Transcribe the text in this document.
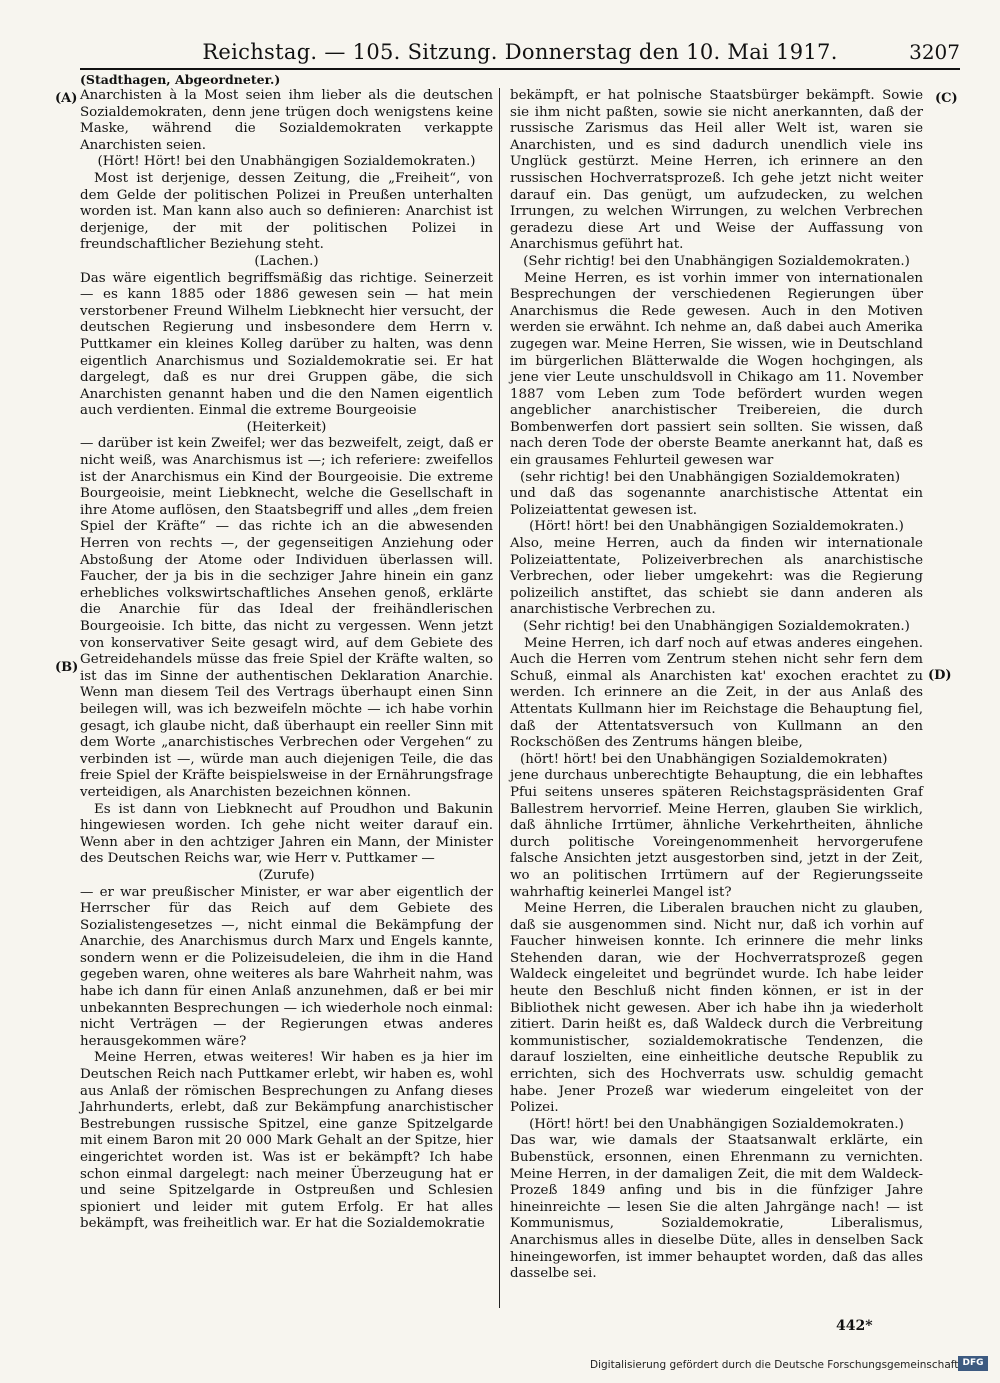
Reichstag. — 105. Sitzung. Donnerstag den 10. Mai 1917.	3207
(Stadthagen, Abgeordneter.)
(A)
(B)
(C)
(D)

Anarchisten à la Most seien ihm lieber als die deutschen Sozialdemokraten, denn jene trügen doch wenigstens keine Maske, während die Sozialdemokraten verkappte Anarchisten seien.

(Hört! Hört! bei den Unabhängigen Sozialdemokraten.)

Most ist derjenige, dessen Zeitung, die „Freiheit“, von dem Gelde der politischen Polizei in Preußen unterhalten worden ist. Man kann also auch so definieren: Anarchist ist derjenige, der mit der politischen Polizei in freundschaftlicher Beziehung steht.

(Lachen.)

Das wäre eigentlich begriffsmäßig das richtige. Seinerzeit — es kann 1885 oder 1886 gewesen sein — hat mein verstorbener Freund Wilhelm Liebknecht hier versucht, der deutschen Regierung und insbesondere dem Herrn v. Puttkamer ein kleines Kolleg darüber zu halten, was denn eigentlich Anarchismus und Sozialdemokratie sei. Er hat dargelegt, daß es nur drei Gruppen gäbe, die sich Anarchisten genannt haben und die den Namen eigentlich auch verdienten. Einmal die extreme Bourgeoisie

(Heiterkeit)

— darüber ist kein Zweifel; wer das bezweifelt, zeigt, daß er nicht weiß, was Anarchismus ist —; ich referiere: zweifellos ist der Anarchismus ein Kind der Bourgeoisie. Die extreme Bourgeoisie, meint Liebknecht, welche die Gesellschaft in ihre Atome auflösen, den Staatsbegriff und alles „dem freien Spiel der Kräfte“ — das richte ich an die abwesenden Herren von rechts —, der gegenseitigen Anziehung oder Abstoßung der Atome oder Individuen überlassen will. Faucher, der ja bis in die sechziger Jahre hinein ein ganz erhebliches volkswirtschaftliches Ansehen genoß, erklärte die Anarchie für das Ideal der freihändlerischen Bourgeoisie. Ich bitte, das nicht zu vergessen. Wenn jetzt von konservativer Seite gesagt wird, auf dem Gebiete des Getreidehandels müsse das freie Spiel der Kräfte walten, so ist das im Sinne der authentischen Deklaration Anarchie. Wenn man diesem Teil des Vertrags überhaupt einen Sinn beilegen will, was ich bezweifeln möchte — ich habe vorhin gesagt, ich glaube nicht, daß überhaupt ein reeller Sinn mit dem Worte „anarchistisches Verbrechen oder Vergehen“ zu verbinden ist —, würde man auch diejenigen Teile, die das freie Spiel der Kräfte beispielsweise in der Ernährungsfrage verteidigen, als Anarchisten bezeichnen können.

Es ist dann von Liebknecht auf Proudhon und Bakunin hingewiesen worden. Ich gehe nicht weiter darauf ein. Wenn aber in den achtziger Jahren ein Mann, der Minister des Deutschen Reichs war, wie Herr v. Puttkamer —

(Zurufe)

— er war preußischer Minister, er war aber eigentlich der Herrscher für das Reich auf dem Gebiete des Sozialistengesetzes —, nicht einmal die Bekämpfung der Anarchie, des Anarchismus durch Marx und Engels kannte, sondern wenn er die Polizeisudeleien, die ihm in die Hand gegeben waren, ohne weiteres als bare Wahrheit nahm, was habe ich dann für einen Anlaß anzunehmen, daß er bei mir unbekannten Besprechungen — ich wiederhole noch einmal: nicht Verträgen — der Regierungen etwas anderes herausgekommen wäre?

Meine Herren, etwas weiteres! Wir haben es ja hier im Deutschen Reich nach Puttkamer erlebt, wir haben es, wohl aus Anlaß der römischen Besprechungen zu Anfang dieses Jahrhunderts, erlebt, daß zur Bekämpfung anarchistischer Bestrebungen russische Spitzel, eine ganze Spitzelgarde mit einem Baron mit 20 000 Mark Gehalt an der Spitze, hier eingerichtet worden ist. Was ist er bekämpft? Ich habe schon einmal dargelegt: nach meiner Überzeugung hat er und seine Spitzelgarde in Ostpreußen und Schlesien spioniert und leider mit gutem Erfolg. Er hat alles bekämpft, was freiheitlich war. Er hat die Sozialdemokratie

bekämpft, er hat polnische Staatsbürger bekämpft. Sowie sie ihm nicht paßten, sowie sie nicht anerkannten, daß der russische Zarismus das Heil aller Welt ist, waren sie Anarchisten, und es sind dadurch unendlich viele ins Unglück gestürzt. Meine Herren, ich erinnere an den russischen Hochverratsprozeß. Ich gehe jetzt nicht weiter darauf ein. Das genügt, um aufzudecken, zu welchen Irrungen, zu welchen Wirrungen, zu welchen Verbrechen geradezu diese Art und Weise der Auffassung von Anarchismus geführt hat.

(Sehr richtig! bei den Unabhängigen Sozialdemokraten.)

Meine Herren, es ist vorhin immer von internationalen Besprechungen der verschiedenen Regierungen über Anarchismus die Rede gewesen. Auch in den Motiven werden sie erwähnt. Ich nehme an, daß dabei auch Amerika zugegen war. Meine Herren, Sie wissen, wie in Deutschland im bürgerlichen Blätterwalde die Wogen hochgingen, als jene vier Leute unschuldsvoll in Chikago am 11. November 1887 vom Leben zum Tode befördert wurden wegen angeblicher anarchistischer Treibereien, die durch Bombenwerfen dort passiert sein sollten. Sie wissen, daß nach deren Tode der oberste Beamte anerkannt hat, daß es ein grausames Fehlurteil gewesen war

(sehr richtig! bei den Unabhängigen Sozialdemokraten)

und daß das sogenannte anarchistische Attentat ein Polizeiattentat gewesen ist.

(Hört! hört! bei den Unabhängigen Sozialdemokraten.)

Also, meine Herren, auch da finden wir internationale Polizeiattentate, Polizeiverbrechen als anarchistische Verbrechen, oder lieber umgekehrt: was die Regierung polizeilich anstiftet, das schiebt sie dann anderen als anarchistische Verbrechen zu.

(Sehr richtig! bei den Unabhängigen Sozialdemokraten.)

Meine Herren, ich darf noch auf etwas anderes eingehen. Auch die Herren vom Zentrum stehen nicht sehr fern dem Schuß, einmal als Anarchisten kat' exochen erachtet zu werden. Ich erinnere an die Zeit, in der aus Anlaß des Attentats Kullmann hier im Reichstage die Behauptung fiel, daß der Attentatsversuch von Kullmann an den Rockschößen des Zentrums hängen bleibe,

(hört! hört! bei den Unabhängigen Sozialdemokraten)

jene durchaus unberechtigte Behauptung, die ein lebhaftes Pfui seitens unseres späteren Reichstagspräsidenten Graf Ballestrem hervorrief. Meine Herren, glauben Sie wirklich, daß ähnliche Irrtümer, ähnliche Verkehrtheiten, ähnliche durch politische Voreingenommenheit hervorgerufene falsche Ansichten jetzt ausgestorben sind, jetzt in der Zeit, wo an politischen Irrtümern auf der Regierungsseite wahrhaftig keinerlei Mangel ist?

Meine Herren, die Liberalen brauchen nicht zu glauben, daß sie ausgenommen sind. Nicht nur, daß ich vorhin auf Faucher hinweisen konnte. Ich erinnere die mehr links Stehenden daran, wie der Hochverratsprozeß gegen Waldeck eingeleitet und begründet wurde. Ich habe leider heute den Beschluß nicht finden können, er ist in der Bibliothek nicht gewesen. Aber ich habe ihn ja wiederholt zitiert. Darin heißt es, daß Waldeck durch die Verbreitung kommunistischer, sozialdemokratische Tendenzen, die darauf loszielten, eine einheitliche deutsche Republik zu errichten, sich des Hochverrats usw. schuldig gemacht habe. Jener Prozeß war wiederum eingeleitet von der Polizei.

(Hört! hört! bei den Unabhängigen Sozialdemokraten.)

Das war, wie damals der Staatsanwalt erklärte, ein Bubenstück, ersonnen, einen Ehrenmann zu vernichten. Meine Herren, in der damaligen Zeit, die mit dem Waldeck-Prozeß 1849 anfing und bis in die fünfziger Jahre hineinreichte — lesen Sie die alten Jahrgänge nach! — ist Kommunismus, Sozialdemokratie, Liberalismus, Anarchismus alles in dieselbe Düte, alles in denselben Sack hineingeworfen, ist immer behauptet worden, daß das alles dasselbe sei.

442*
Digitalisierung gefördert durch die Deutsche Forschungsgemeinschaft DFG
